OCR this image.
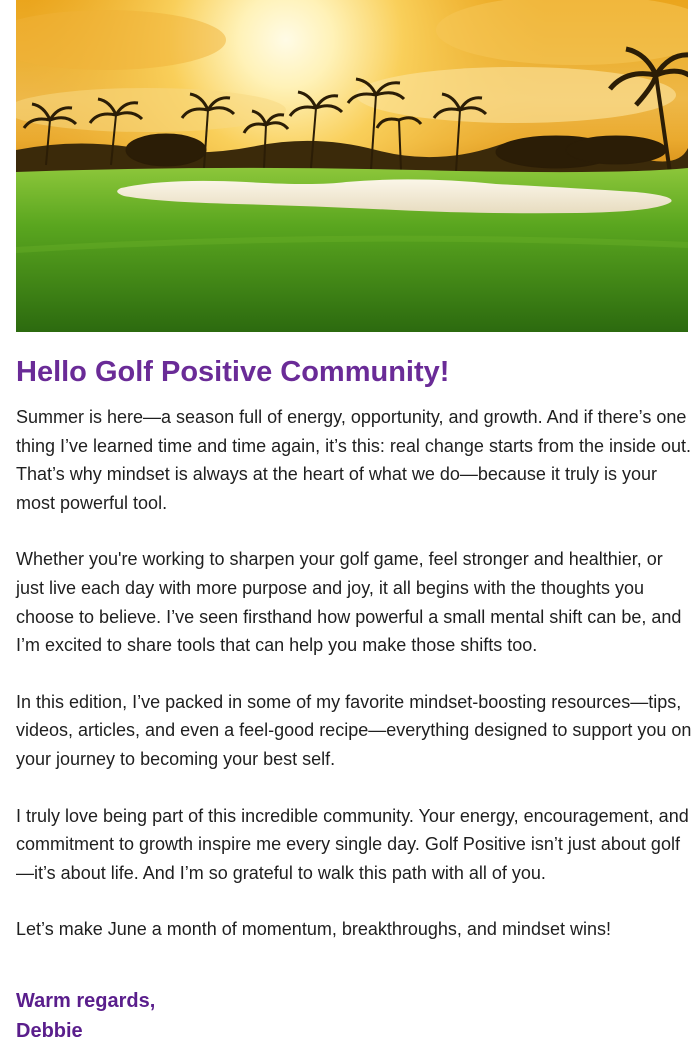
Hello Golf Positive Community!

Summer is here—a season full of energy, opportunity, and growth. And if there’s one thing I’ve learned time and time again, it’s this: real change starts from the inside out. That’s why mindset is always at the heart of what we do—because it truly is your most powerful tool.

Whether you're working to sharpen your golf game, feel stronger and healthier, or just live each day with more purpose and joy, it all begins with the thoughts you choose to believe. I’ve seen firsthand how powerful a small mental shift can be, and I’m excited to share tools that can help you make those shifts too.

In this edition, I’ve packed in some of my favorite mindset-boosting resources—tips, videos, articles, and even a feel-good recipe—everything designed to support you on your journey to becoming your best self.

I truly love being part of this incredible community. Your energy, encouragement, and commitment to growth inspire me every single day. Golf Positive isn’t just about golf—it’s about life. And I’m so grateful to walk this path with all of you.

Let’s make June a month of momentum, breakthroughs, and mindset wins!

Warm regards,
Debbie
